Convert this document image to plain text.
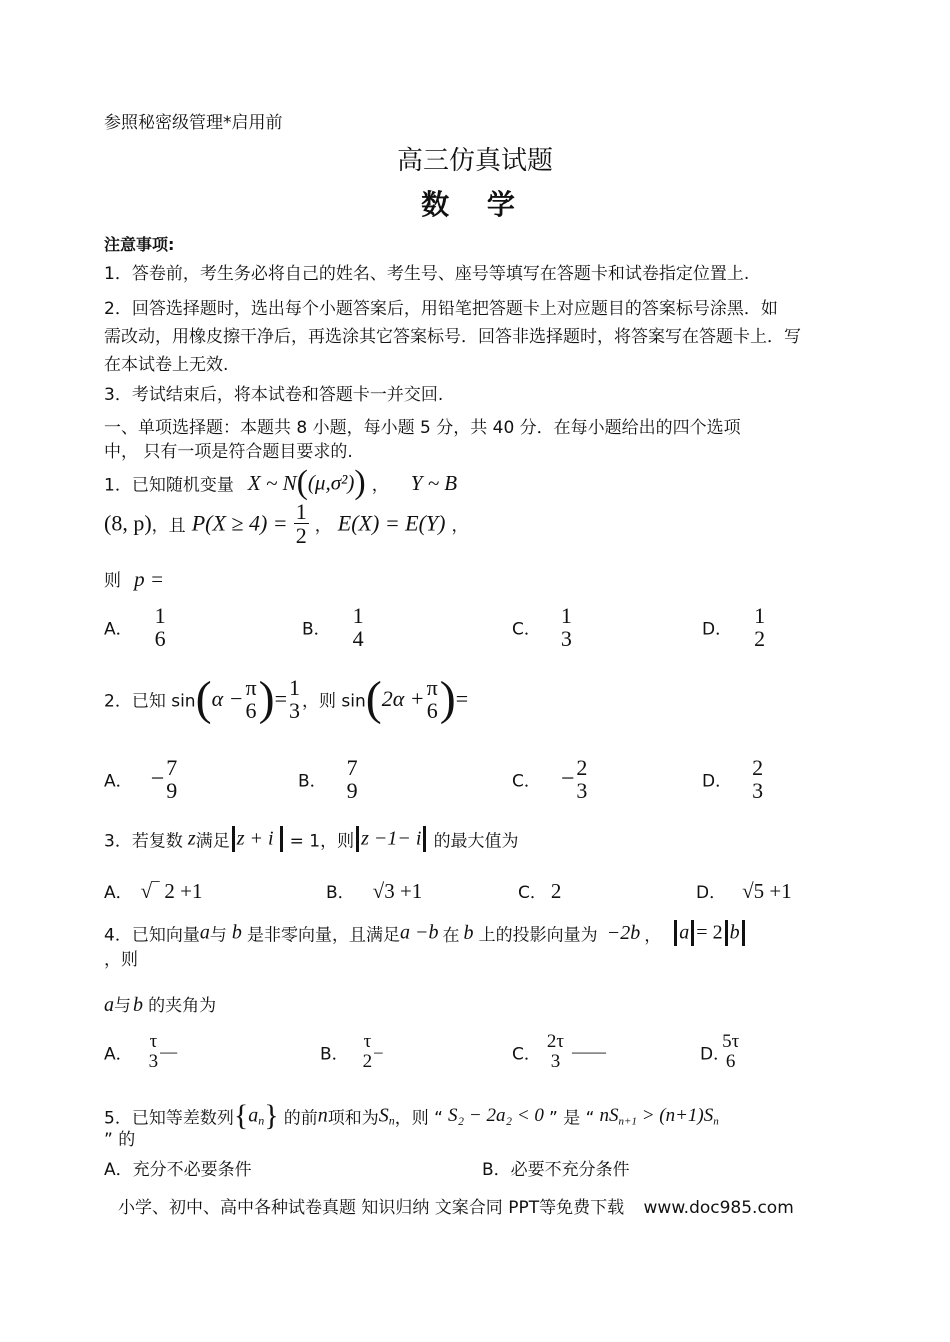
参照秘密级管理*启用前
高三仿真试题
数 学
注意事项:
1．答卷前，考生务必将自己的姓名、考生号、座号等填写在答题卡和试卷指定位置上.
2．回答选择题时，选出每个小题答案后，用铅笔把答题卡上对应题目的答案标号涂黑．如
需改动，用橡皮擦干净后，再选涂其它答案标号．回答非选择题时，将答案写在答题卡上．写
在本试卷上无效.
3．考试结束后，将本试卷和答题卡一并交回.
一、单项选择题：本题共 8 小题，每小题 5 分，共 40 分．在每小题给出的四个选项
中， 只有一项是符合题目要求的.
1．已知随机变量 X ~ N((μ,σ²)) ， Y ~ B
(8, p)，且 $P(X \ge 4) = \frac{1}{2}$ ， E(X) = E(Y) ，
则 p =
A．
1
6	B．
1
4	C．
1
3	D．
1
2
2．已知 sin(α − π
6 )= 1
3 ，则 sin(2α + π
6 )=
A． − 7
9	B．
7
9	C． − 2
3	D．
2
3
3．若复数 z满足 z + i = 1，则 z −1− i 的最大值为
A． √‾ 2 +1	B． √3 +1	C． 2	D． √5 +1
4．已知向量a与 b 是非零向量，且满足a −b 在 b 上的投影向量为 −2b ， a = 2 b
，则
a与 b 的夹角为
A．
τ
3 —	B．
τ
2 –	C．
2τ
3 ——	D．
5τ
6
5．已知等差数列$\{a_n\}$ 的前n项和为$S_n$，则 “ S₂ − 2a₂ < 0 ” 是 “ $nS_{n+1} > (n+1)S_n$
” 的
A．充分不必要条件	B．必要不充分条件
小学、初中、高中各种试卷真题 知识归纳 文案合同 PPT等免费下载 www.doc985.com
